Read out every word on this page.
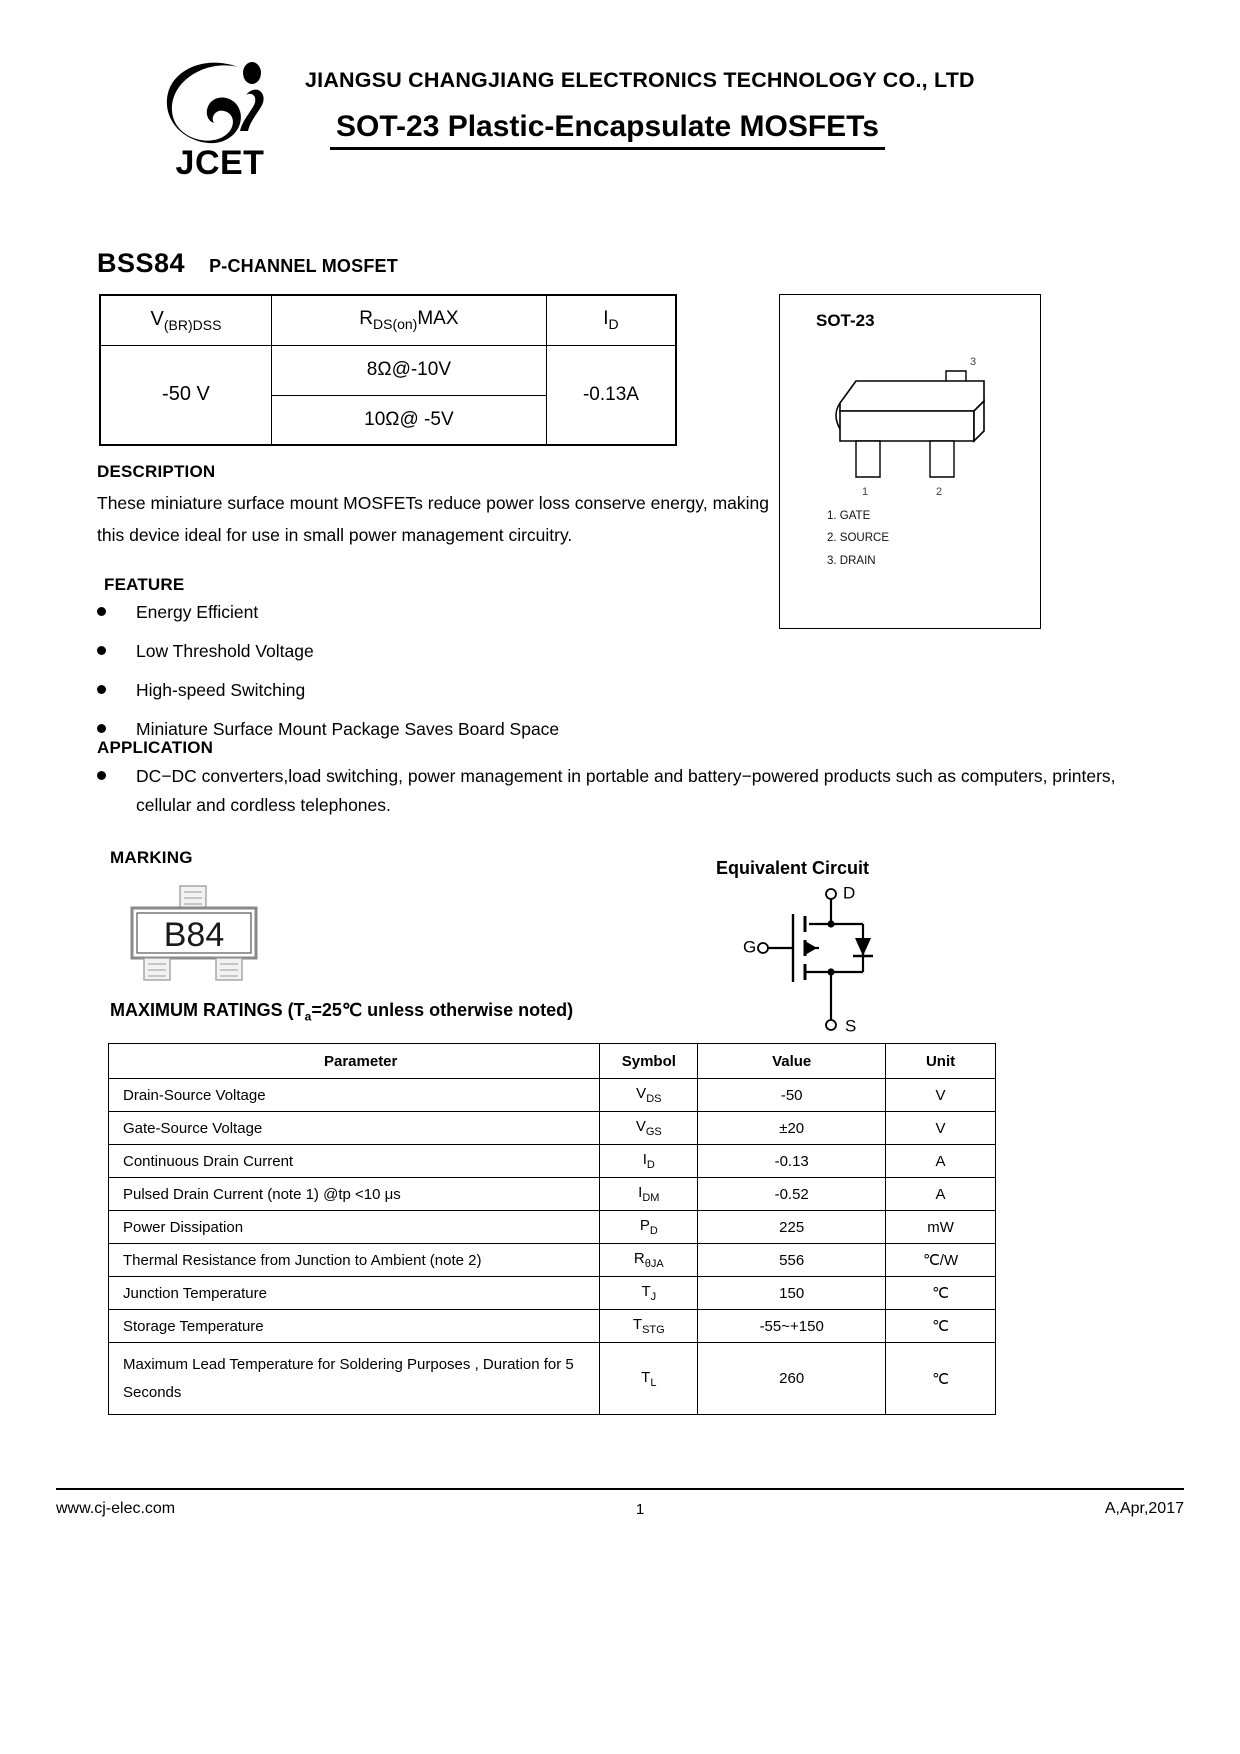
JCET
JIANGSU CHANGJIANG ELECTRONICS TECHNOLOGY CO., LTD
SOT-23 Plastic-Encapsulate MOSFETs
BSS84 P-CHANNEL MOSFET
$V_{(BR)DSS}$	$R_{DS(on)}MAX$	$I_D$
-50 V	8Ω@-10V	-0.13A
	10Ω@ -5V	
SOT-23
3
1	2
1. GATE
2. SOURCE
3. DRAIN
DESCRIPTION
These miniature surface mount MOSFETs reduce power loss conserve energy, making this device ideal for use in small power management circuitry.
FEATURE
Energy Efficient
Low Threshold Voltage
High-speed Switching
Miniature Surface Mount Package Saves Board Space
APPLICATION
DC−DC converters,load switching, power management in portable and battery−powered products such as computers, printers, cellular and cordless telephones.
MARKING
B84
Equivalent Circuit
D
G
S
MAXIMUM RATINGS ($T_a=25℃$ unless otherwise noted)
Parameter	Symbol	Value	Unit
Drain-Source Voltage	$V_{DS}$	-50	V
Gate-Source Voltage	$V_{GS}$	±20	V
Continuous Drain Current	$I_D$	-0.13	A
Pulsed Drain Current (note 1) @tp <10 μs	$I_{DM}$	-0.52	A
Power Dissipation	$P_D$	225	mW
Thermal Resistance from Junction to Ambient (note 2)	$R_{\theta JA}$	556	℃/W
Junction Temperature	$T_J$	150	℃
Storage Temperature	$T_{STG}$	-55~+150	℃
Maximum Lead Temperature for Soldering Purposes , Duration for 5 Seconds	$T_L$	260	℃
www.cj-elec.com	1	A,Apr,2017
